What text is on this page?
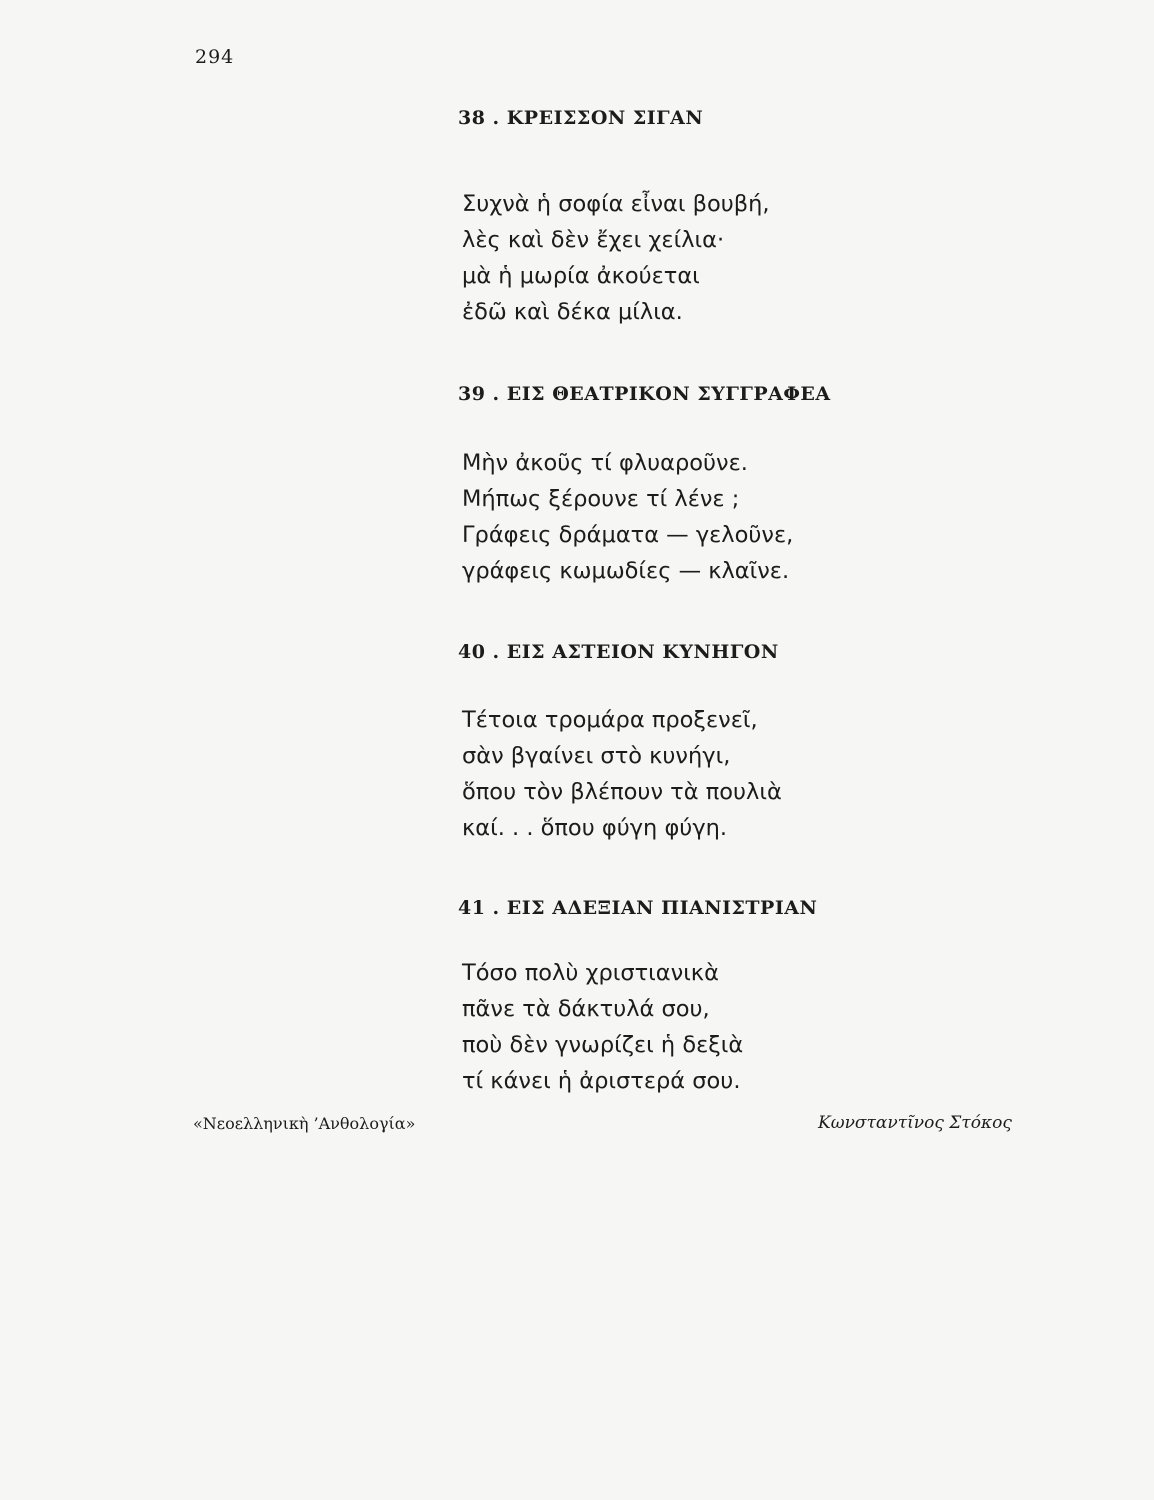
294
38 . ΚΡΕΙΣΣΟΝ ΣΙΓΑΝ
Συχνὰ ἡ σοφία εἶναι βουβή,
λὲς καὶ δὲν ἔχει χείλια·
μὰ ἡ μωρία ἀκούεται
ἐδῶ καὶ δέκα μίλια.
39 . ΕΙΣ ΘΕΑΤΡΙΚΟΝ ΣΥΓΓΡΑΦΕΑ
Μὴν ἀκοῦς τί φλυαροῦνε.
Μήπως ξέρουνε τί λένε ;
Γράφεις δράματα — γελοῦνε,
γράφεις κωμωδίες — κλαῖνε.
40 . ΕΙΣ ΑΣΤΕΙΟΝ ΚΥΝΗΓΟΝ
Τέτοια τρομάρα προξενεῖ,
σὰν βγαίνει στὸ κυνήγι,
ὅπου τὸν βλέπουν τὰ πουλιὰ
καί. . . ὅπου φύγη φύγη.
41 . ΕΙΣ ΑΔΕΞΙΑΝ ΠΙΑΝΙΣΤΡΙΑΝ
Τόσο πολὺ χριστιανικὰ
πᾶνε τὰ δάκτυλά σου,
ποὺ δὲν γνωρίζει ἡ δεξιὰ
τί κάνει ἡ ἀριστερά σου.
«Νεοελληνικὴ ’Ανθολογία»	Κωνσταντῖνος Στόκος
